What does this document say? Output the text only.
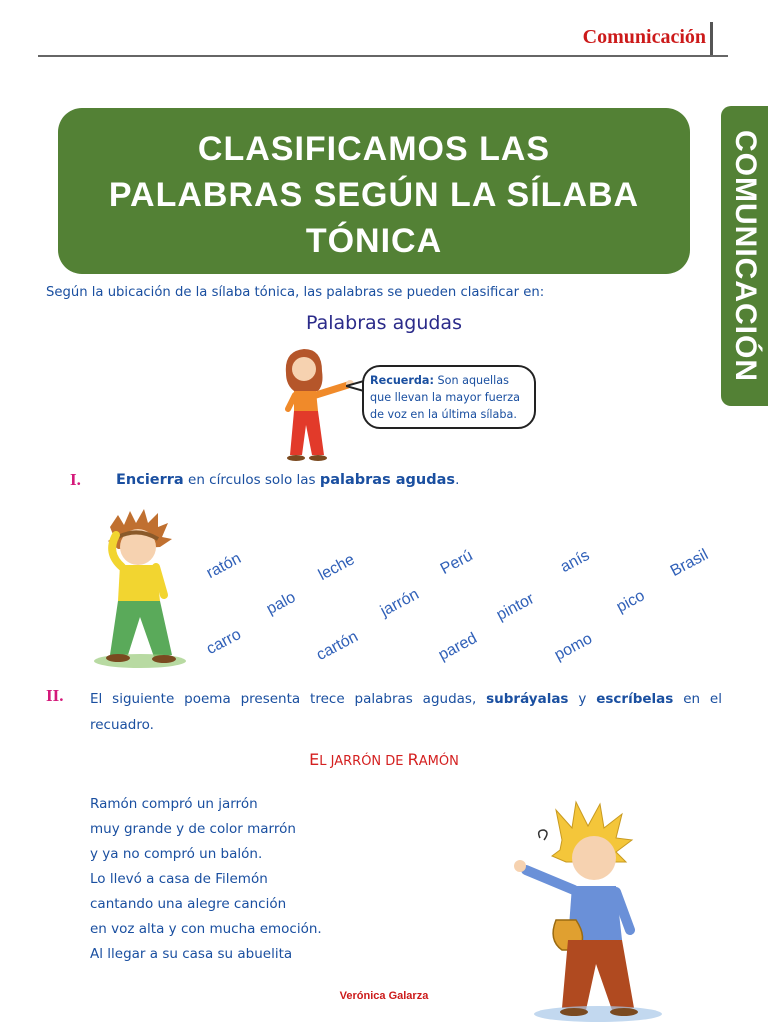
Comunicación
CLASIFICAMOS LAS
PALABRAS SEGÚN LA SÍLABA
TÓNICA	COMUNICACIÓN
Según la ubicación de la sílaba tónica, las palabras se pueden clasificar en:
Palabras agudas
Recuerda: Son aquellas
que llevan la mayor fuerza
de voz en la última sílaba.
I. Encierra en círculos solo las palabras agudas.
ratón	leche	Perú	anís	Brasil
palo	jarrón	pintor	pico
carro	cartón	pared	pomo
II. El siguiente poema presenta trece palabras agudas, subráyalas y escríbelas en el recuadro.
EL JARRÓN DE RAMÓN
Ramón compró un jarrón
muy grande y de color marrón
y ya no compró un balón.
Lo llevó a casa de Filemón
cantando una alegre canción
en voz alta y con mucha emoción.
Al llegar a su casa su abuelita
Verónica Galarza
